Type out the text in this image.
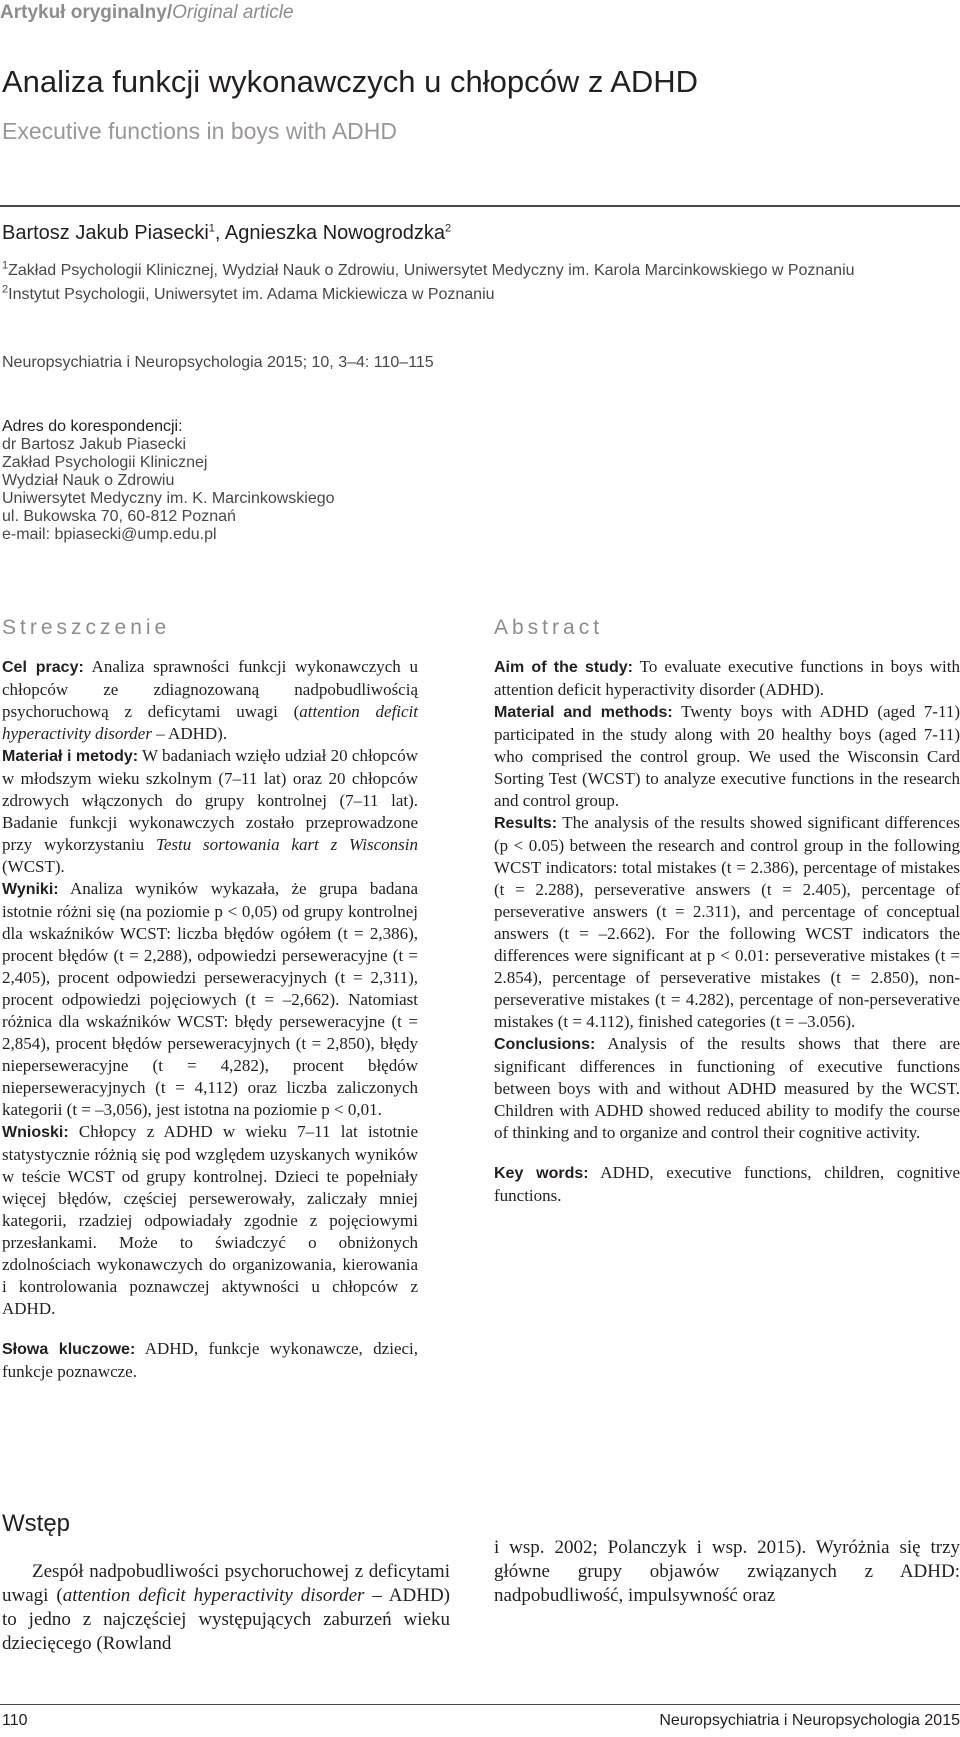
Artykuł oryginalny/Original article
Analiza funkcji wykonawczych u chłopców z ADHD
Executive functions in boys with ADHD
Bartosz Jakub Piasecki$^1$, Agnieszka Nowogrodzka$^2$
$^1$Zakład Psychologii Klinicznej, Wydział Nauk o Zdrowiu, Uniwersytet Medyczny im. Karola Marcinkowskiego w Poznaniu
$^2$Instytut Psychologii, Uniwersytet im. Adama Mickiewicza w Poznaniu
Neuropsychiatria i Neuropsychologia 2015; 10, 3–4: 110–115
Adres do korespondencji:
dr Bartosz Jakub Piasecki
Zakład Psychologii Klinicznej
Wydział Nauk o Zdrowiu
Uniwersytet Medyczny im. K. Marcinkowskiego
ul. Bukowska 70, 60-812 Poznań
e-mail: bpiasecki@ump.edu.pl
Streszczenie

Cel pracy: Analiza sprawności funkcji wykonawczych u chłopców ze zdiagnozowaną nadpobudliwością psychoruchową z deficytami uwagi (attention deficit hyperactivity disorder – ADHD).

Materiał i metody: W badaniach wzięło udział 20 chłopców w młodszym wieku szkolnym (7–11 lat) oraz 20 chłopców zdrowych włączonych do grupy kontrolnej (7–11 lat). Badanie funkcji wykonawczych zostało przeprowadzone przy wykorzystaniu Testu sortowania kart z Wisconsin (WCST).

Wyniki: Analiza wyników wykazała, że grupa badana istotnie różni się (na poziomie p < 0,05) od grupy kontrolnej dla wskaźników WCST: liczba błędów ogółem (t = 2,386), procent błędów (t = 2,288), odpowiedzi perseweracyjne (t = 2,405), procent odpowiedzi perseweracyjnych (t = 2,311), procent odpowiedzi pojęciowych (t = –2,662). Natomiast różnica dla wskaźników WCST: błędy perseweracyjne (t = 2,854), procent błędów perseweracyjnych (t = 2,850), błędy nieperseweracyjne (t = 4,282), procent błędów nieperseweracyjnych (t = 4,112) oraz liczba zaliczonych kategorii (t = –3,056), jest istotna na poziomie p < 0,01.

Wnioski: Chłopcy z ADHD w wieku 7–11 lat istotnie statystycznie różnią się pod względem uzyskanych wyników w teście WCST od grupy kontrolnej. Dzieci te popełniały więcej błędów, częściej persewerowały, zaliczały mniej kategorii, rzadziej odpowiadały zgodnie z pojęciowymi przesłankami. Może to świadczyć o obniżonych zdolnościach wykonawczych do organizowania, kierowania i kontrolowania poznawczej aktywności u chłopców z ADHD.

Słowa kluczowe: ADHD, funkcje wykonawcze, dzieci, funkcje poznawcze.

Abstract

Aim of the study: To evaluate executive functions in boys with attention deficit hyperactivity disorder (ADHD).

Material and methods: Twenty boys with ADHD (aged 7-11) participated in the study along with 20 healthy boys (aged 7-11) who comprised the control group. We used the Wisconsin Card Sorting Test (WCST) to analyze executive functions in the research and control group.

Results: The analysis of the results showed significant differences (p < 0.05) between the research and control group in the following WCST indicators: total mistakes (t = 2.386), percentage of mistakes (t = 2.288), perseverative answers (t = 2.405), percentage of perseverative answers (t = 2.311), and percentage of conceptual answers (t = –2.662). For the following WCST indicators the differences were significant at p < 0.01: perseverative mistakes (t = 2.854), percentage of perseverative mistakes (t = 2.850), non-perseverative mistakes (t = 4.282), percentage of non-perseverative mistakes (t = 4.112), finished categories (t = –3.056).

Conclusions: Analysis of the results shows that there are significant differences in functioning of executive functions between boys with and without ADHD measured by the WCST. Children with ADHD showed reduced ability to modify the course of thinking and to organize and control their cognitive activity.

Key words: ADHD, executive functions, children, cognitive functions.

Wstęp

Zespół nadpobudliwości psychoruchowej z deficytami uwagi (attention deficit hyperactivity disorder – ADHD) to jedno z najczęściej występujących zaburzeń wieku dziecięcego (Rowland

i wsp. 2002; Polanczyk i wsp. 2015). Wyróżnia się trzy główne grupy objawów związanych z ADHD: nadpobudliwość, impulsywność oraz

110	Neuropsychiatria i Neuropsychologia 2015
